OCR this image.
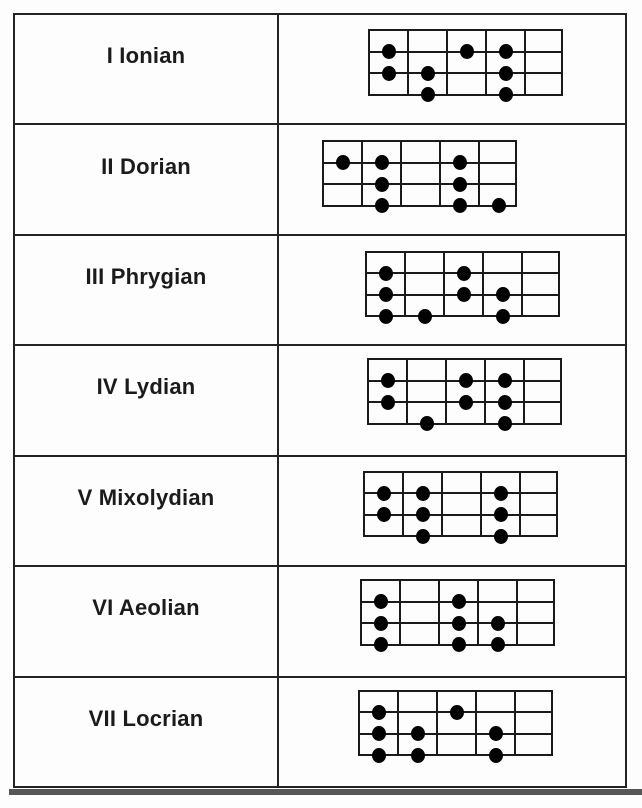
I Ionian
II Dorian
III Phrygian
IV Lydian
V Mixolydian
VI Aeolian
VII Locrian
